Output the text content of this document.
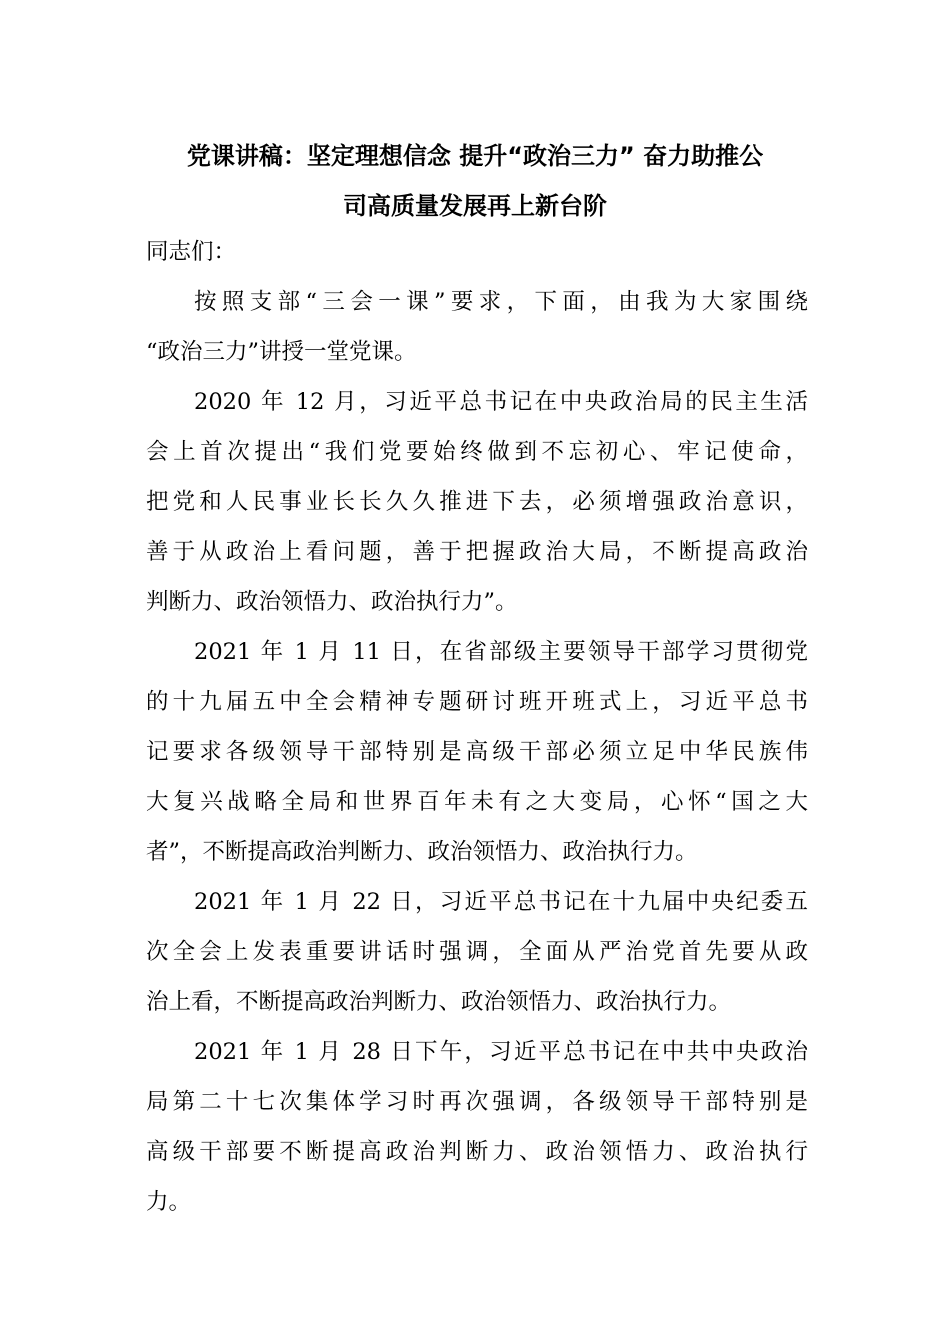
党课讲稿：坚定理想信念 提升“政治三力” 奋力助推公
司高质量发展再上新台阶
同志们：
按照支部“三会一课”要求，下面，由我为大家围绕
“政治三力”讲授一堂党课。
2020 年 12 月，习近平总书记在中央政治局的民主生活
会上首次提出“我们党要始终做到不忘初心、牢记使命，
把党和人民事业长长久久推进下去，必须增强政治意识，
善于从政治上看问题，善于把握政治大局，不断提高政治
判断力、政治领悟力、政治执行力”。
2021 年 1 月 11 日，在省部级主要领导干部学习贯彻党
的十九届五中全会精神专题研讨班开班式上，习近平总书
记要求各级领导干部特别是高级干部必须立足中华民族伟
大复兴战略全局和世界百年未有之大变局，心怀“国之大
者”，不断提高政治判断力、政治领悟力、政治执行力。
2021 年 1 月 22 日，习近平总书记在十九届中央纪委五
次全会上发表重要讲话时强调，全面从严治党首先要从政
治上看，不断提高政治判断力、政治领悟力、政治执行力。
2021 年 1 月 28 日下午，习近平总书记在中共中央政治
局第二十七次集体学习时再次强调，各级领导干部特别是
高级干部要不断提高政治判断力、政治领悟力、政治执行
力。
